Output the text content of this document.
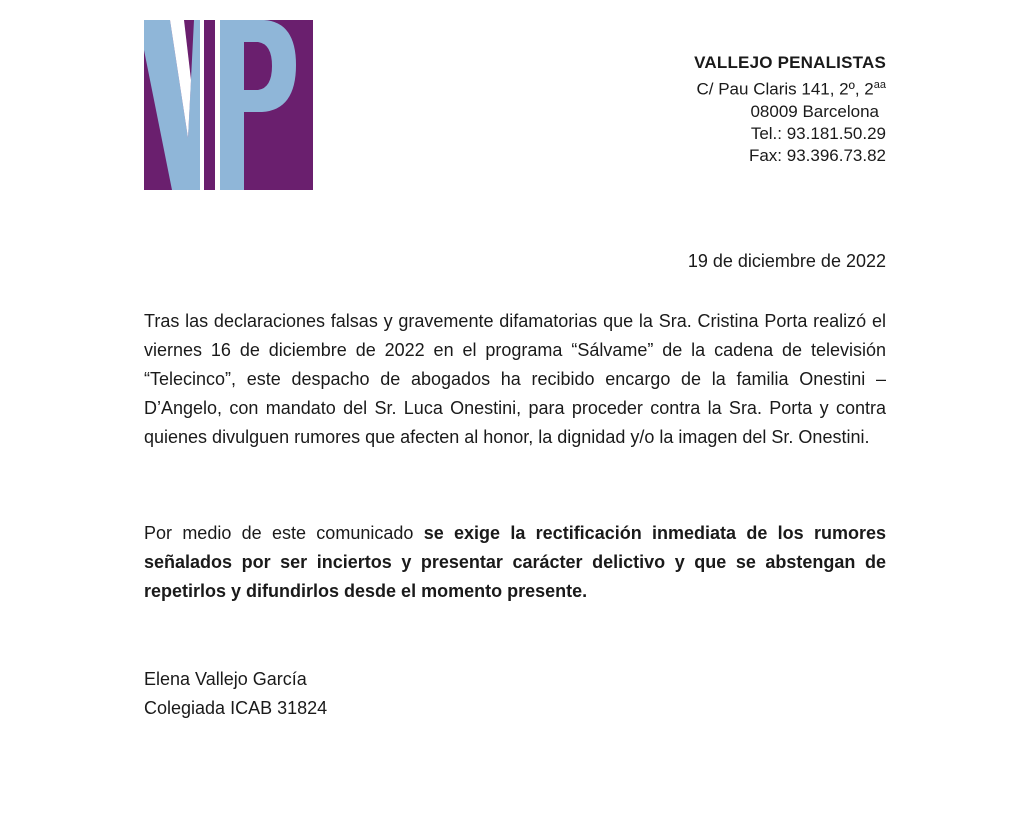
VALLEJO PENALISTAS
C/ Pau Claris 141, 2º, $2^{aa}$
08009 Barcelona
Tel.: 93.181.50.29
Fax: 93.396.73.82
19 de diciembre de 2022
Tras las declaraciones falsas y gravemente difamatorias que la Sra. Cristina Porta realizó el viernes 16 de diciembre de 2022 en el programa “Sálvame” de la cadena de televisión “Telecinco”, este despacho de abogados ha recibido encargo de la familia Onestini – D’Angelo, con mandato del Sr. Luca Onestini, para proceder contra la Sra. Porta y contra quienes divulguen rumores que afecten al honor, la dignidad y/o la imagen del Sr. Onestini.
Por medio de este comunicado se exige la rectificación inmediata de los rumores señalados por ser inciertos y presentar carácter delictivo y que se abstengan de repetirlos y difundirlos desde el momento presente.
Elena Vallejo García
Colegiada ICAB 31824
